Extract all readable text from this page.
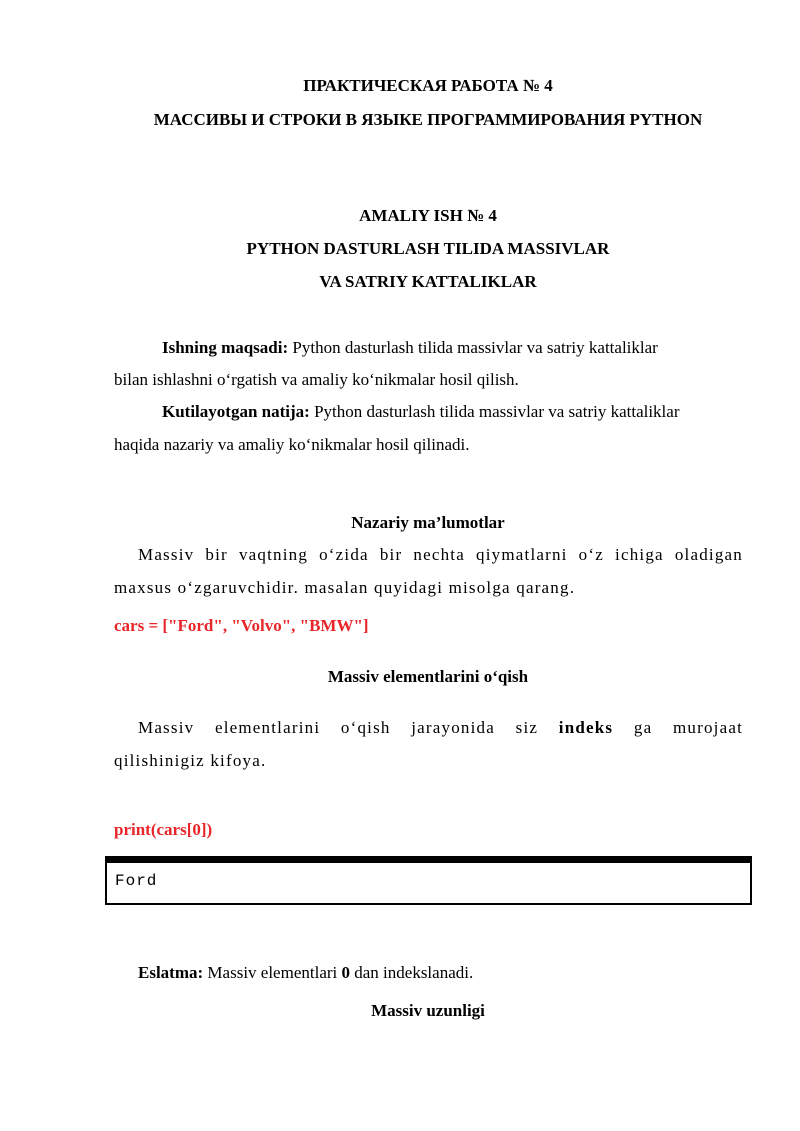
ПРАКТИЧЕСКАЯ РАБОТА № 4
МАССИВЫ И СТРОКИ В ЯЗЫКЕ ПРОГРАММИРОВАНИЯ PYTHON
AMALIY ISH № 4
PYTHON DASTURLASH TILIDA MASSIVLAR
VA SATRIY KATTALIKLAR
Ishning maqsadi: Python dasturlash tilida massivlar va satriy kattaliklar
bilan ishlashni o‘rgatish va amaliy ko‘nikmalar hosil qilish.
Kutilayotgan natija: Python dasturlash tilida massivlar va satriy kattaliklar
haqida nazariy va amaliy ko‘nikmalar hosil qilinadi.
Nazariy ma’lumotlar
Massiv bir vaqtning o‘zida bir nechta qiymatlarni o‘z ichiga oladigan
maxsus o‘zgaruvchidir. masalan quyidagi misolga qarang.
cars = ["Ford", "Volvo", "BMW"]
Massiv elementlarini o‘qish
Massiv elementlarini o‘qish jarayonida siz indeks ga murojaat
qilishinigiz kifoya.
print(cars[0])
Ford
Eslatma: Massiv elementlari 0 dan indekslanadi.
Massiv uzunligi
